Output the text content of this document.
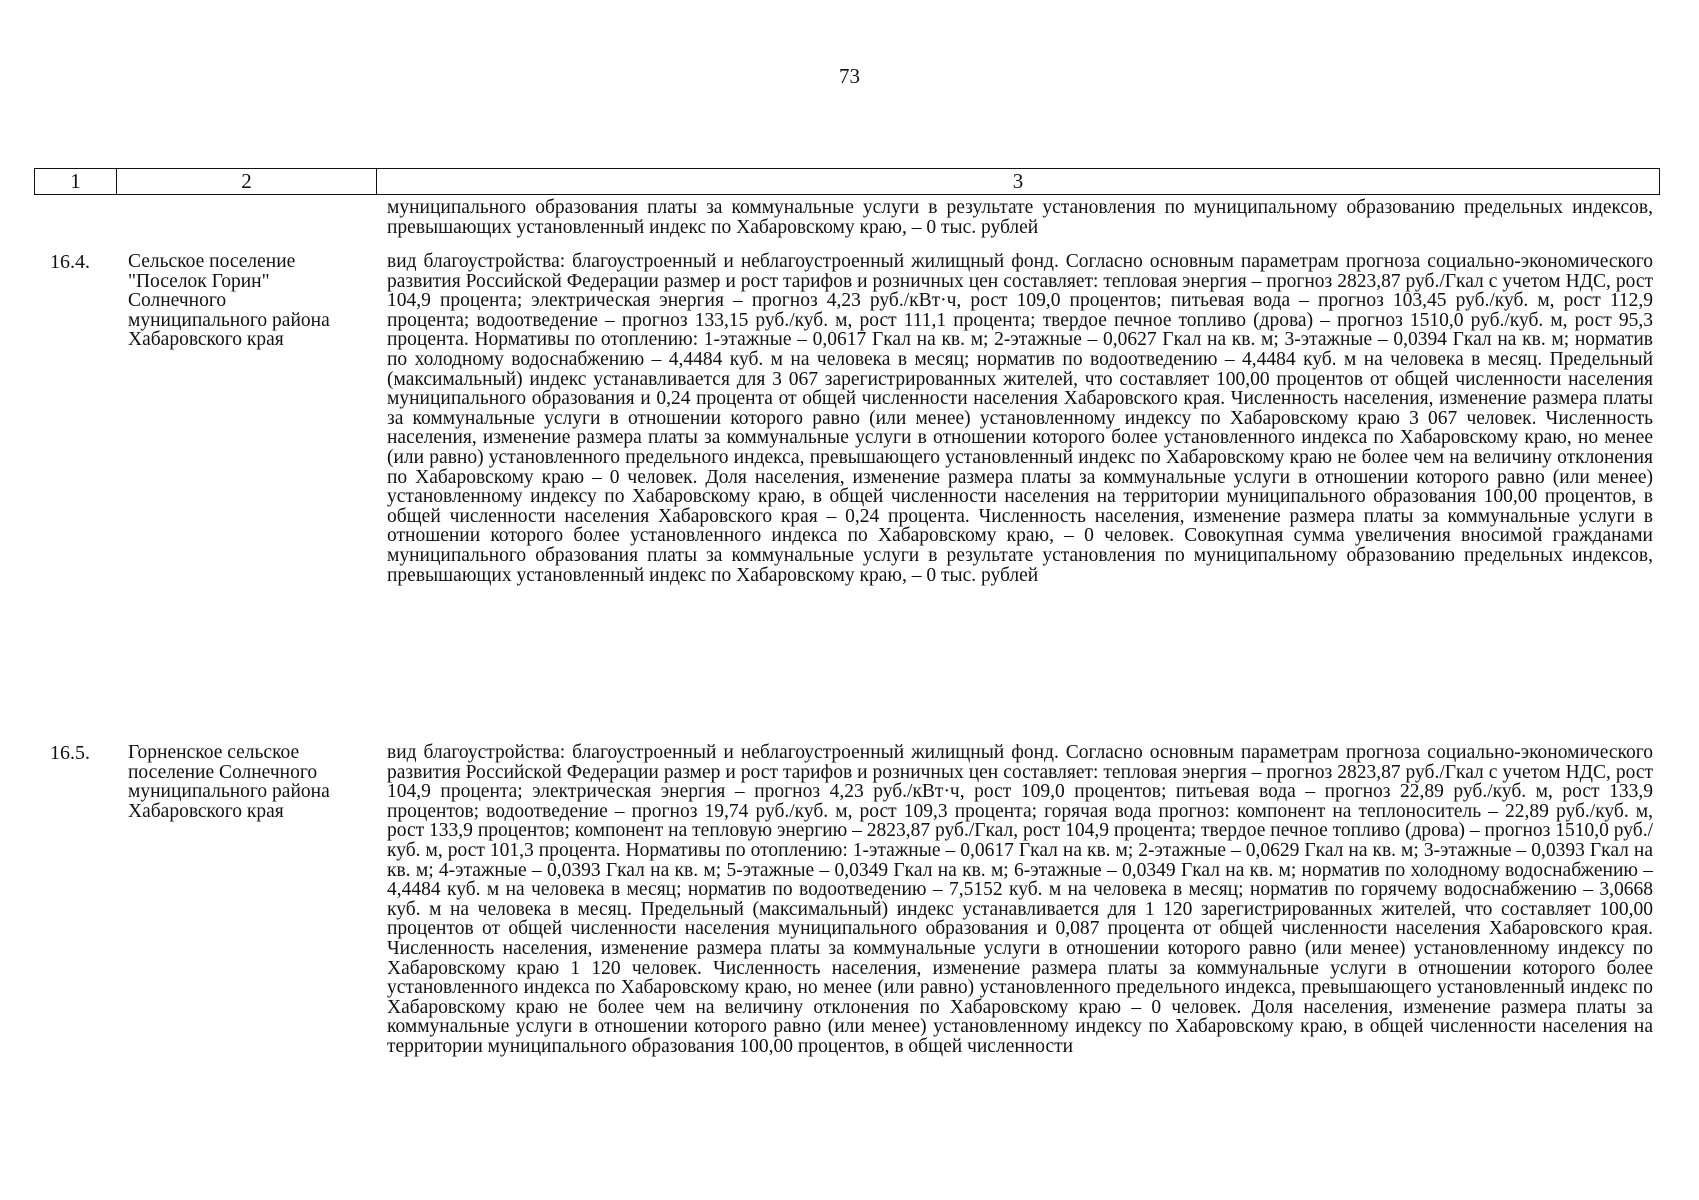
73
1	2	3
муниципального образования платы за коммунальные услуги в результате установления по муниципальному образованию предельных индексов, превышающих установленный индекс по Хабаровскому краю, – 0 тыс. рублей
16.4. Сельское поселение "Поселок Горин" Солнечного муниципального района Хабаровского края
вид благоустройства: благоустроенный и неблагоустроенный жилищный фонд. Согласно основным параметрам прогноза социально-экономического развития Российской Федерации размер и рост тарифов и розничных цен составляет: тепловая энергия – прогноз 2823,87 руб./Гкал с учетом НДС, рост 104,9 процента; электрическая энергия – прогноз 4,23 руб./кВт·ч, рост 109,0 процентов; питьевая вода – прогноз 103,45 руб./куб. м, рост 112,9 процента; водоотведение – прогноз 133,15 руб./куб. м, рост 111,1 процента; твердое печное топливо (дрова) – прогноз 1510,0 руб./куб. м, рост 95,3 процента. Нормативы по отоплению: 1-этажные – 0,0617 Гкал на кв. м; 2-этажные – 0,0627 Гкал на кв. м; 3-этажные – 0,0394 Гкал на кв. м; норматив по холодному водоснабжению – 4,4484 куб. м на человека в месяц; норматив по водоотведению – 4,4484 куб. м на человека в месяц. Предельный (максимальный) индекс устанавливается для 3 067 зарегистрированных жителей, что составляет 100,00 процентов от общей численности населения муниципального образования и 0,24 процента от общей численности населения Хабаровского края. Численность населения, изменение размера платы за коммунальные услуги в отношении которого равно (или менее) установленному индексу по Хабаровскому краю 3 067 человек. Численность населения, изменение размера платы за коммунальные услуги в отношении которого более установленного индекса по Хабаровскому краю, но менее (или равно) установленного предельного индекса, превышающего установленный индекс по Хабаровскому краю не более чем на величину отклонения по Хабаровскому краю – 0 человек. Доля населения, изменение размера платы за коммунальные услуги в отношении которого равно (или менее) установленному индексу по Хабаровскому краю, в общей численности населения на территории муниципального образования 100,00 процентов, в общей численности населения Хабаровского края – 0,24 процента. Численность населения, изменение размера платы за коммунальные услуги в отношении которого более установленного индекса по Хабаровскому краю, – 0 человек. Совокупная сумма увеличения вносимой гражданами муниципального образования платы за коммунальные услуги в результате установления по муниципальному образованию предельных индексов, превышающих установленный индекс по Хабаровскому краю, – 0 тыс. рублей
16.5. Горненское сельское поселение Солнечного муниципального района Хабаровского края
вид благоустройства: благоустроенный и неблагоустроенный жилищный фонд. Согласно основным параметрам прогноза социально-экономического развития Российской Федерации размер и рост тарифов и розничных цен составляет: тепловая энергия – прогноз 2823,87 руб./Гкал с учетом НДС, рост 104,9 процента; электрическая энергия – прогноз 4,23 руб./кВт·ч, рост 109,0 процентов; питьевая вода – прогноз 22,89 руб./куб. м, рост 133,9 процентов; водоотведение – прогноз 19,74 руб./куб. м, рост 109,3 процента; горячая вода прогноз: компонент на теплоноситель – 22,89 руб./куб. м, рост 133,9 процентов; компонент на тепловую энергию – 2823,87 руб./Гкал, рост 104,9 процента; твердое печное топливо (дрова) – прогноз 1510,0 руб./куб. м, рост 101,3 процента. Нормативы по отоплению: 1-этажные – 0,0617 Гкал на кв. м; 2-этажные – 0,0629 Гкал на кв. м; 3-этажные – 0,0393 Гкал на кв. м; 4-этажные – 0,0393 Гкал на кв. м; 5-этажные – 0,0349 Гкал на кв. м; 6-этажные – 0,0349 Гкал на кв. м; норматив по холодному водоснабжению – 4,4484 куб. м на человека в месяц; норматив по водоотведению – 7,5152 куб. м на человека в месяц; норматив по горячему водоснабжению – 3,0668 куб. м на человека в месяц. Предельный (максимальный) индекс устанавливается для 1 120 зарегистрированных жителей, что составляет 100,00 процентов от общей численности населения муниципального образования и 0,087 процента от общей численности населения Хабаровского края. Численность населения, изменение размера платы за коммунальные услуги в отношении которого равно (или менее) установленному индексу по Хабаровскому краю 1 120 человек. Численность населения, изменение размера платы за коммунальные услуги в отношении которого более установленного индекса по Хабаровскому краю, но менее (или равно) установленного предельного индекса, превышающего установленный индекс по Хабаровскому краю не более чем на величину отклонения по Хабаровскому краю – 0 человек. Доля населения, изменение размера платы за коммунальные услуги в отношении которого равно (или менее) установленному индексу по Хабаровскому краю, в общей численности населения на территории муниципального образования 100,00 процентов, в общей численности
